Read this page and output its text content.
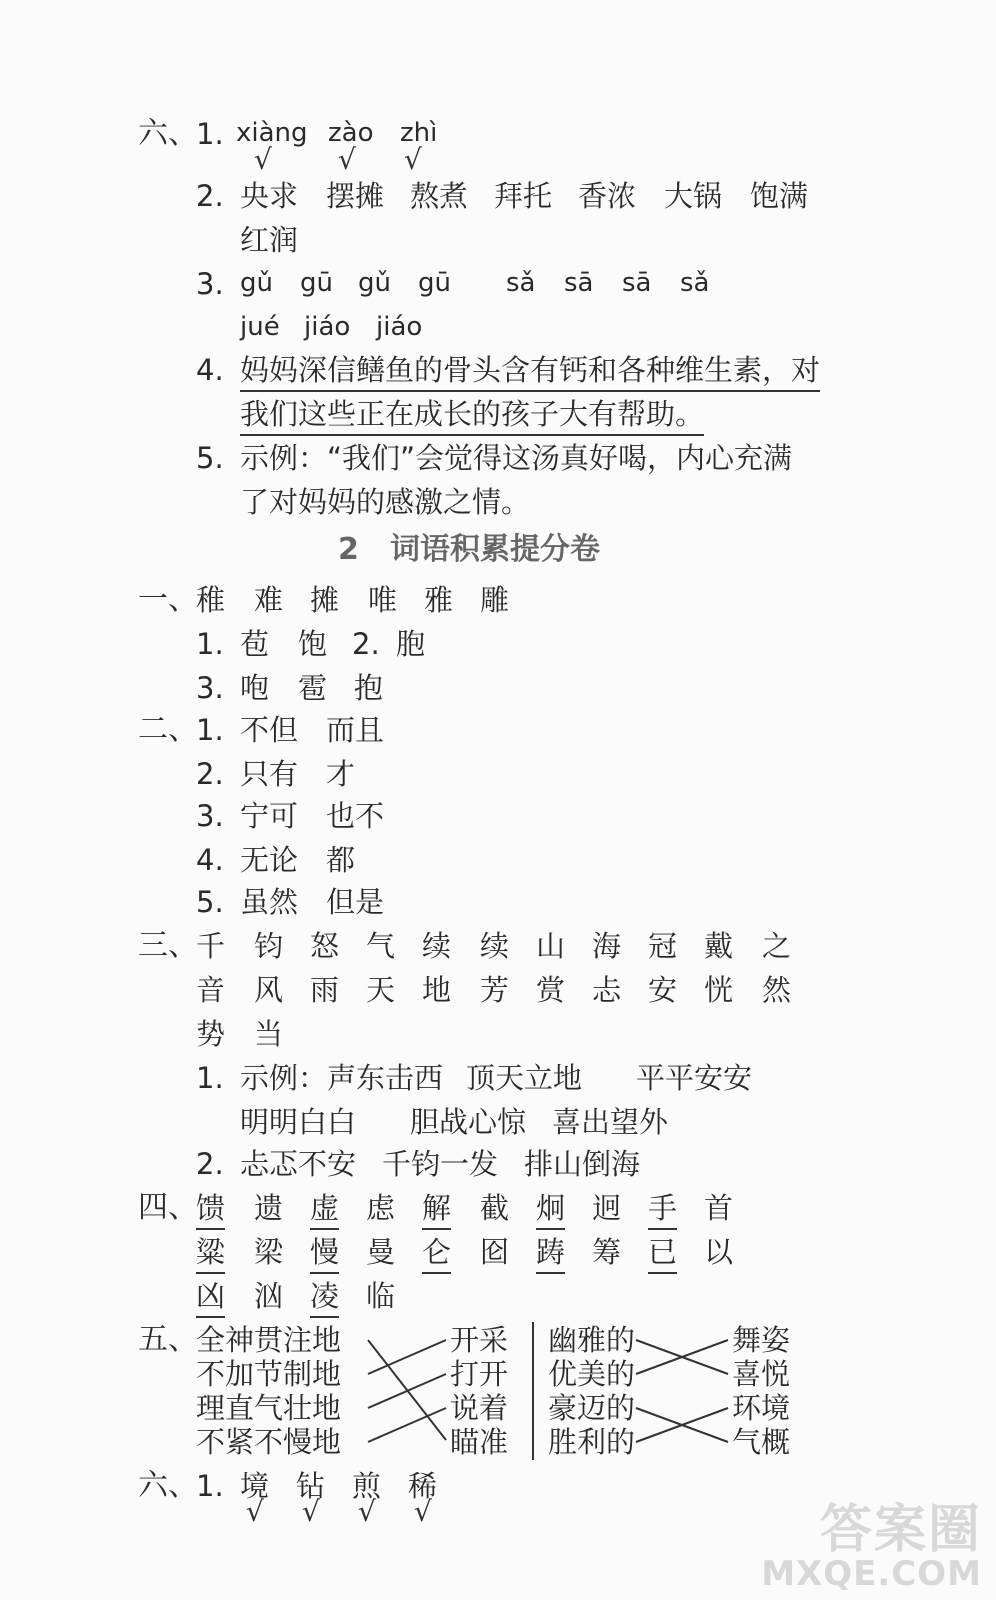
六、
1. xiàng zào zhì
√ √ √
2. 央求 摆摊 熬煮 拜托 香浓 大锅 饱满
红润
3. gǔ gū gǔ gū sǎ sā sā sǎ
jué jiáo jiáo
4. 妈妈深信鳝鱼的骨头含有钙和各种维生素，对
我们这些正在成长的孩子大有帮助。
5. 示例：“我们”会觉得这汤真好喝，内心充满
了对妈妈的感激之情。
2 词语积累提分卷
一、
稚 难 摊 唯 雅 雕
1. 苞 饱 2. 胞
3. 咆 雹 抱
二、
1. 不但 而且
2. 只有 才
3. 宁可 也不
4. 无论 都
5. 虽然 但是
三、
千 钧 怒 气 续 续 山 海 冠 戴 之
音 风 雨 天 地 芳 赏 忐 安 恍 然
势 当
1. 示例：声东击西 顶天立地 平平安安
明明白白 胆战心惊 喜出望外
2. 忐忑不安 千钧一发 排山倒海
四、
馈 遗 虚 虑 解 截 炯 迥 手 首
粱 梁 慢 曼 仑 囵 踌 筹 已 以
凶 汹 凌 临
五、
全神贯注地
不加节制地
理直气壮地
不紧不慢地
开采
打开
说着
瞄准
幽雅的
优美的
豪迈的
胜利的
舞姿
喜悦
环境
气概
六、
1. 境 钻 煎 稀
√ √ √ √	答案圈
MXQE.COM
